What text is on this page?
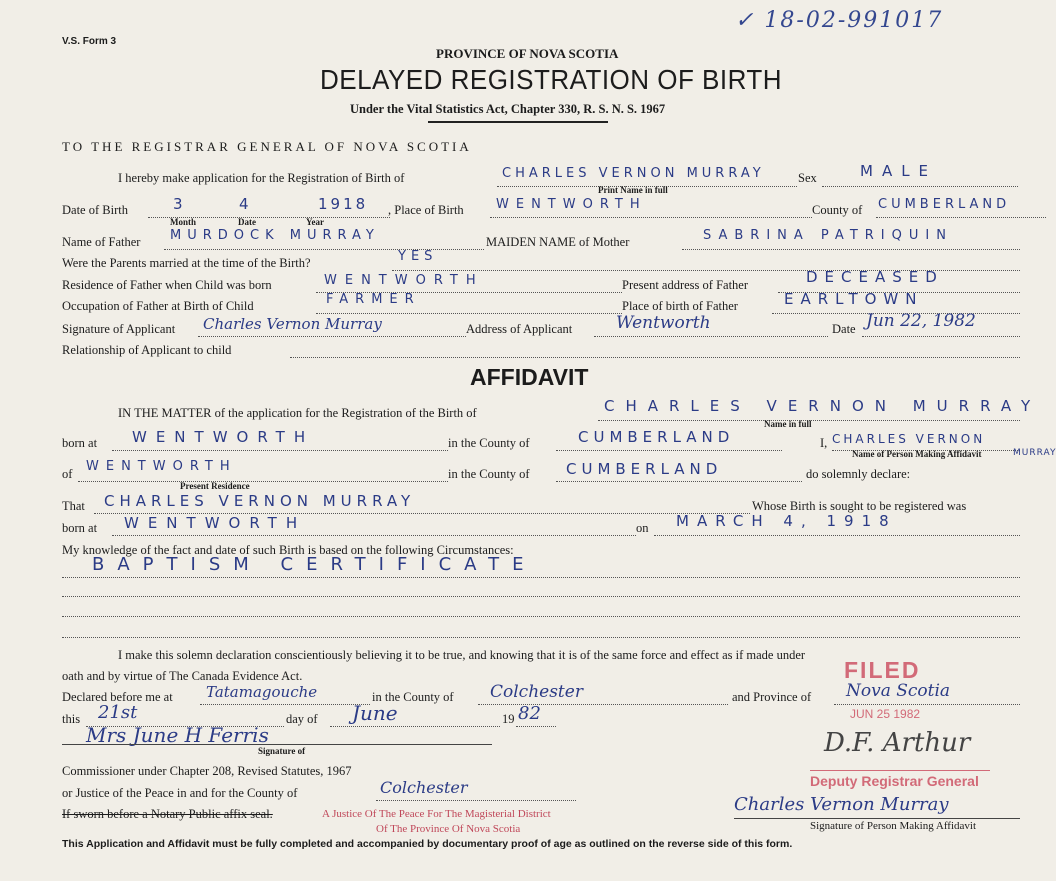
V.S. Form 3
✓ 18-02-991017
PROVINCE OF NOVA SCOTIA
DELAYED REGISTRATION OF BIRTH
Under the Vital Statistics Act, Chapter 330, R. S. N. S. 1967
TO THE REGISTRAR GENERAL OF NOVA SCOTIA
I hereby make application for the Registration of Birth of	CHARLES VERNON MURRAY	Sex	MALE
Print Name in full
Date of Birth	3	4	1918 , Place of Birth WENTWORTH	County of CUMBERLAND
Month	Date	Year
Name of Father MURDOCK MURRAY	MAIDEN NAME of Mother	SABRINA PATRIQUIN
Were the Parents married at the time of the Birth?	YES
Residence of Father when Child was born	WENTWORTH	Present address of Father	DECEASED
Occupation of Father at Birth of Child	FARMER	Place of birth of Father	EARLTOWN
Signature of Applicant Charles Vernon Murray	Address of Applicant	Wentworth	Date Jun 22, 1982
Relationship of Applicant to child
AFFIDAVIT
IN THE MATTER of the application for the Registration of the Birth of	CHARLES VERNON MURRAY
Name in full
born at WENTWORTH	in the County of	CUMBERLAND	I, CHARLES VERNON
MURRAY
Name of Person Making Affidavit
of WENTWORTH
Present Residence
in the County of CUMBERLAND	do solemnly declare:
That CHARLES VERNON MURRAY	Whose Birth is sought to be registered was
born at WENTWORTH	on MARCH 4, 1918
My knowledge of the fact and date of such Birth is based on the following Circumstances:
BAPTISM CERTIFICATE
I make this solemn declaration conscientiously believing it to be true, and knowing that it is of the same force and effect as if made under
oath and by virtue of The Canada Evidence Act.
Declared before me at Tatamagouche	in the County of Colchester	and Province of Nova Scotia
this 21st	day of June	19 82
Mrs June H Ferris
Signature of
Commissioner under Chapter 208, Revised Statutes, 1967
or Justice of the Peace in and for the County of	Colchester
If sworn before a Notary Public affix seal.	A Justice Of The Peace For The Magisterial District
Of The Province Of Nova Scotia
FILED
JUN 25 1982
D.F. Arthur
Deputy Registrar General
Charles Vernon Murray
Signature of Person Making Affidavit
This Application and Affidavit must be fully completed and accompanied by documentary proof of age as outlined on the reverse side of this form.
